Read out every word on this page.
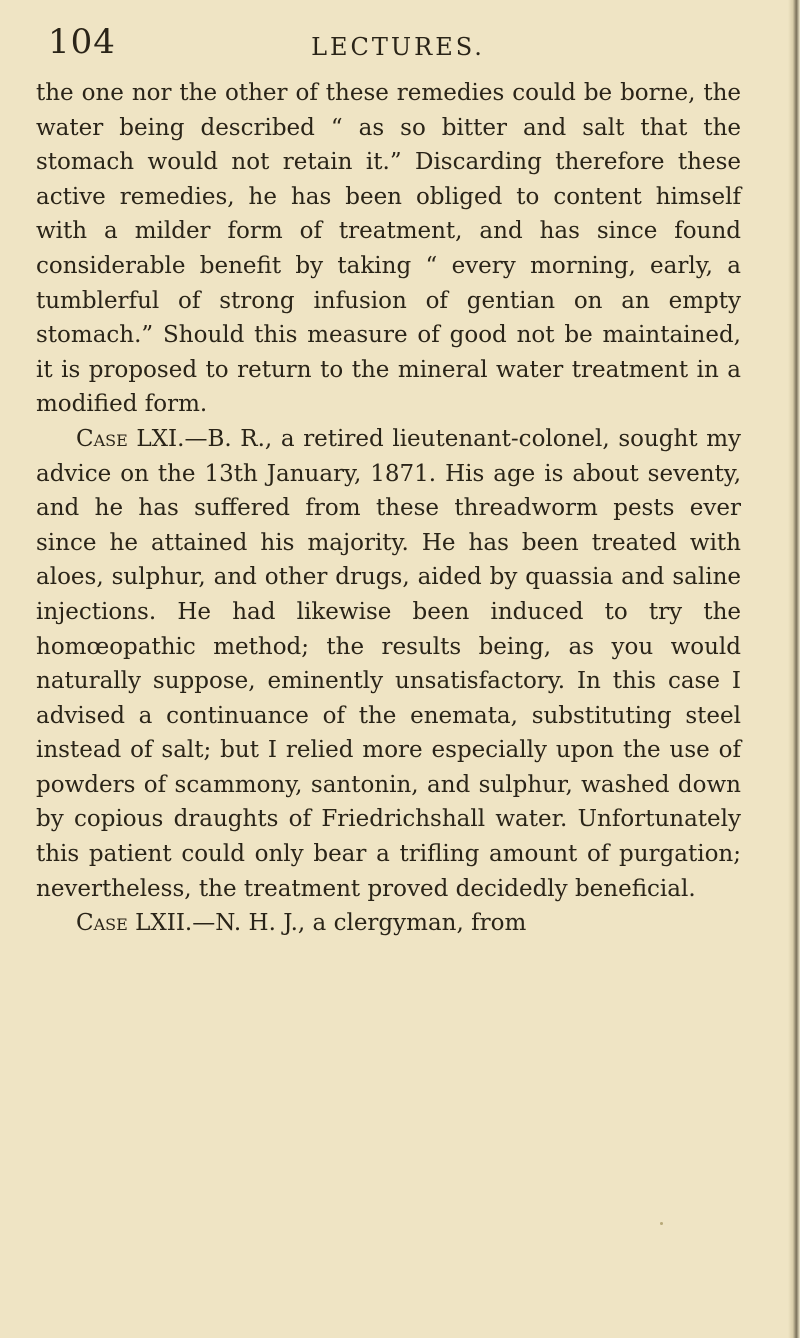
104	LECTURES.

the one nor the other of these remedies could be borne, the water being described “ as so bitter and salt that the stomach would not retain it.” Discarding therefore these active remedies, he has been obliged to content himself with a milder form of treatment, and has since found considerable benefit by taking “ every morning, early, a tumblerful of strong infusion of gentian on an empty stomach.” Should this measure of good not be maintained, it is proposed to return to the mineral water treatment in a modified form.

Case LXI.—B. R., a retired lieutenant-colonel, sought my advice on the 13th January, 1871. His age is about seventy, and he has suffered from these threadworm pests ever since he attained his majority. He has been treated with aloes, sulphur, and other drugs, aided by quassia and saline injections. He had likewise been induced to try the homœopathic method; the results being, as you would naturally suppose, eminently unsatisfactory. In this case I advised a continuance of the enemata, substituting steel instead of salt; but I relied more especially upon the use of powders of scammony, santonin, and sulphur, washed down by copious draughts of Friedrichshall water. Unfortunately this patient could only bear a trifling amount of purgation; nevertheless, the treatment proved decidedly beneficial.

Case LXII.—N. H. J., a clergyman, from
